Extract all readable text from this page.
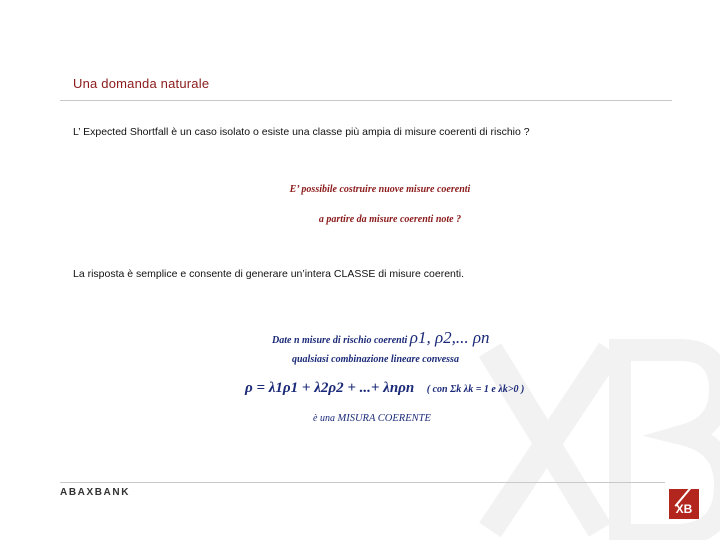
Una domanda naturale
L’ Expected Shortfall è un caso isolato o esiste una classe più ampia di misure coerenti di rischio ?
E’ possibile costruire nuove misure coerenti
a partire da misure coerenti note ?
La risposta è semplice e consente di generare un’intera CLASSE di misure coerenti.
Date n misure di rischio coerenti ρ1, ρ2,... ρn
qualsiasi combinazione lineare convessa
ρ = λ1ρ1 + λ2ρ2 + ...+ λnρn ( con Σk λk = 1 e λk>0 )
è una MISURA COERENTE
ABAXBANK
XB
